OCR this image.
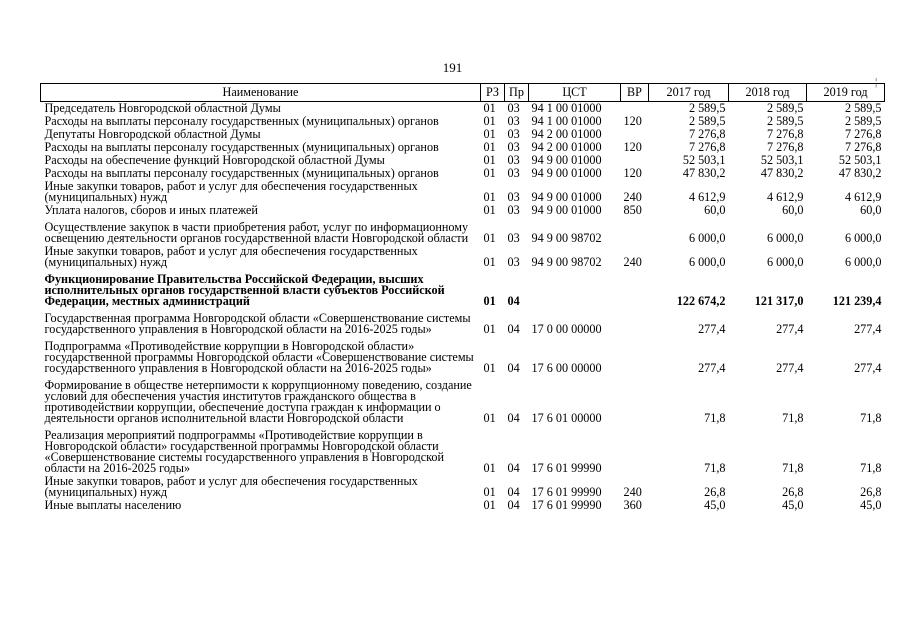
191
¦
Наименование	РЗ	Пр	ЦСТ	ВР	2017 год	2018 год	2019 год
Председатель Новгородской областной Думы	01	03	94 1 00 01000		2 589,5	2 589,5	2 589,5
Расходы на выплаты персоналу государственных (муниципальных) органов	01	03	94 1 00 01000	120	2 589,5	2 589,5	2 589,5
Депутаты Новгородской областной Думы	01	03	94 2 00 01000		7 276,8	7 276,8	7 276,8
Расходы на выплаты персоналу государственных (муниципальных) органов	01	03	94 2 00 01000	120	7 276,8	7 276,8	7 276,8
Расходы на обеспечение функций Новгородской областной Думы	01	03	94 9 00 01000		52 503,1	52 503,1	52 503,1
Расходы на выплаты персоналу государственных (муниципальных) органов	01	03	94 9 00 01000	120	47 830,2	47 830,2	47 830,2
Иные закупки товаров, работ и услуг для обеспечения государственных (муниципальных) нужд	01	03	94 9 00 01000	240	4 612,9	4 612,9	4 612,9
Уплата налогов, сборов и иных платежей	01	03	94 9 00 01000	850	60,0	60,0	60,0
Осуществление закупок в части приобретения работ, услуг по информационному освещению деятельности органов государственной власти Новгородской области	01	03	94 9 00 98702		6 000,0	6 000,0	6 000,0
Иные закупки товаров, работ и услуг для обеспечения государственных (муниципальных) нужд	01	03	94 9 00 98702	240	6 000,0	6 000,0	6 000,0
Функционирование Правительства Российской Федерации, высших исполнительных органов государственной власти субъектов Российской Федерации, местных администраций	01	04			122 674,2	121 317,0	121 239,4
Государственная программа Новгородской области «Совершенствование системы государственного управления в Новгородской области на 2016-2025 годы»	01	04	17 0 00 00000		277,4	277,4	277,4
Подпрограмма «Противодействие коррупции в Новгородской области» государственной программы Новгородской области «Совершенствование системы государственного управления в Новгородской области на 2016-2025 годы»	01	04	17 6 00 00000		277,4	277,4	277,4
Формирование в обществе нетерпимости к коррупционному поведению, создание условий для обеспечения участия институтов гражданского общества в противодействии коррупции, обеспечение доступа граждан к информации о деятельности органов исполнительной власти Новгородской области	01	04	17 6 01 00000		71,8	71,8	71,8
Реализация мероприятий подпрограммы «Противодействие коррупции в Новгородской области» государственной программы Новгородской области «Совершенствование системы государственного управления в Новгородской области на 2016-2025 годы»	01	04	17 6 01 99990		71,8	71,8	71,8
Иные закупки товаров, работ и услуг для обеспечения государственных (муниципальных) нужд	01	04	17 6 01 99990	240	26,8	26,8	26,8
Иные выплаты населению	01	04	17 6 01 99990	360	45,0	45,0	45,0
